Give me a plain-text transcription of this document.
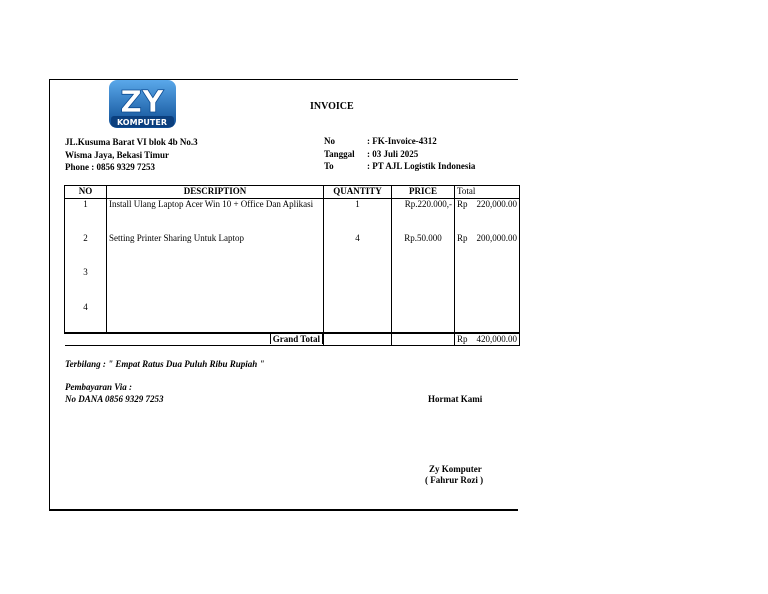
ZY
KOMPUTER
INVOICE
JL.Kusuma Barat VI blok 4b No.3
Wisma Jaya, Bekasi Timur
Phone : 0856 9329 7253
No	: FK-Invoice-4312
Tanggal : 03 Juli 2025
To	: PT AJL Logistik Indonesia
NO	DESCRIPTION	QUANTITY	PRICE	Total
1	Install Ulang Laptop Acer Win 10 + Office Dan Aplikasi	1	Rp.220.000,-	Rp 220,000.00

2	Setting Printer Sharing Untuk Laptop	4	Rp.50.000	Rp 200,000.00

3				
4				
Grand Total				Rp 420,000.00
Terbilang : " Empat Ratus Dua Puluh Ribu Rupiah "
Pembayaran Via :
No DANA 0856 9329 7253	Hormat Kami
Zy Komputer
( Fahrur Rozi )
